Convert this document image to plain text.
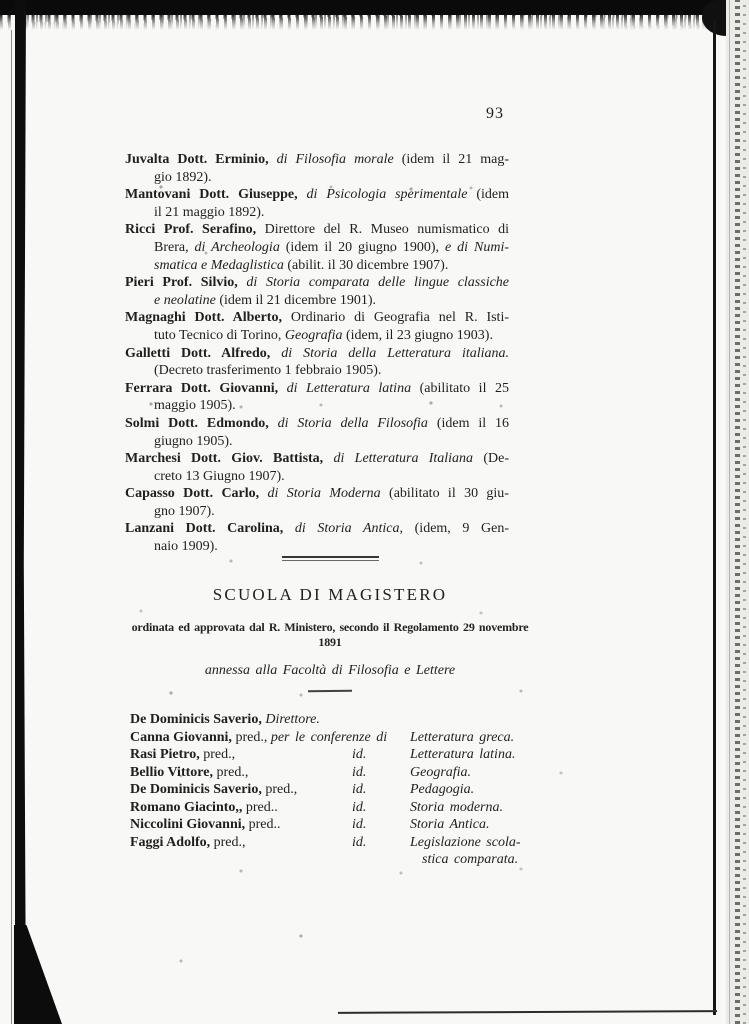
93
Juvalta Dott. Erminio, di Filosofia morale (idem il 21 mag-
gio 1892).
Mantovani Dott. Giuseppe, di Psicologia sperimentale (idem
il 21 maggio 1892).
Ricci Prof. Serafino, Direttore del R. Museo numismatico di
Brera, di Archeologia (idem il 20 giugno 1900), e di Numi-
smatica e Medaglistica (abilit. il 30 dicembre 1907).
Pieri Prof. Silvio, di Storia comparata delle lingue classiche
e neolatine (idem il 21 dicembre 1901).
Magnaghi Dott. Alberto, Ordinario di Geografia nel R. Isti-
tuto Tecnico di Torino, Geografia (idem, il 23 giugno 1903).
Galletti Dott. Alfredo, di Storia della Letteratura italiana.
(Decreto trasferimento 1 febbraio 1905).
Ferrara Dott. Giovanni, di Letteratura latina (abilitato il 25
maggio 1905).
Solmi Dott. Edmondo, di Storia della Filosofia (idem il 16
giugno 1905).
Marchesi Dott. Giov. Battista, di Letteratura Italiana (De-
creto 13 Giugno 1907).
Capasso Dott. Carlo, di Storia Moderna (abilitato il 30 giu-
gno 1907).
Lanzani Dott. Carolina, di Storia Antica, (idem, 9 Gen-
naio 1909).
SCUOLA DI MAGISTERO
ordinata ed approvata dal R. Ministero, secondo il Regolamento 29 novembre 1891
annessa alla Facoltà di Filosofia e Lettere
De Dominicis Saverio, Direttore.
Canna Giovanni, pred., per le conferenze di	Letteratura greca.
Rasi Pietro, pred.,	id.	Letteratura latina.
Bellio Vittore, pred.,	id.	Geografia.
De Dominicis Saverio, pred.,	id.	Pedagogia.
Romano Giacinto,, pred..	id.	Storia moderna.
Niccolini Giovanni, pred..	id.	Storia Antica.
Faggi Adolfo, pred.,	id.	Legislazione scola-
stica comparata.
